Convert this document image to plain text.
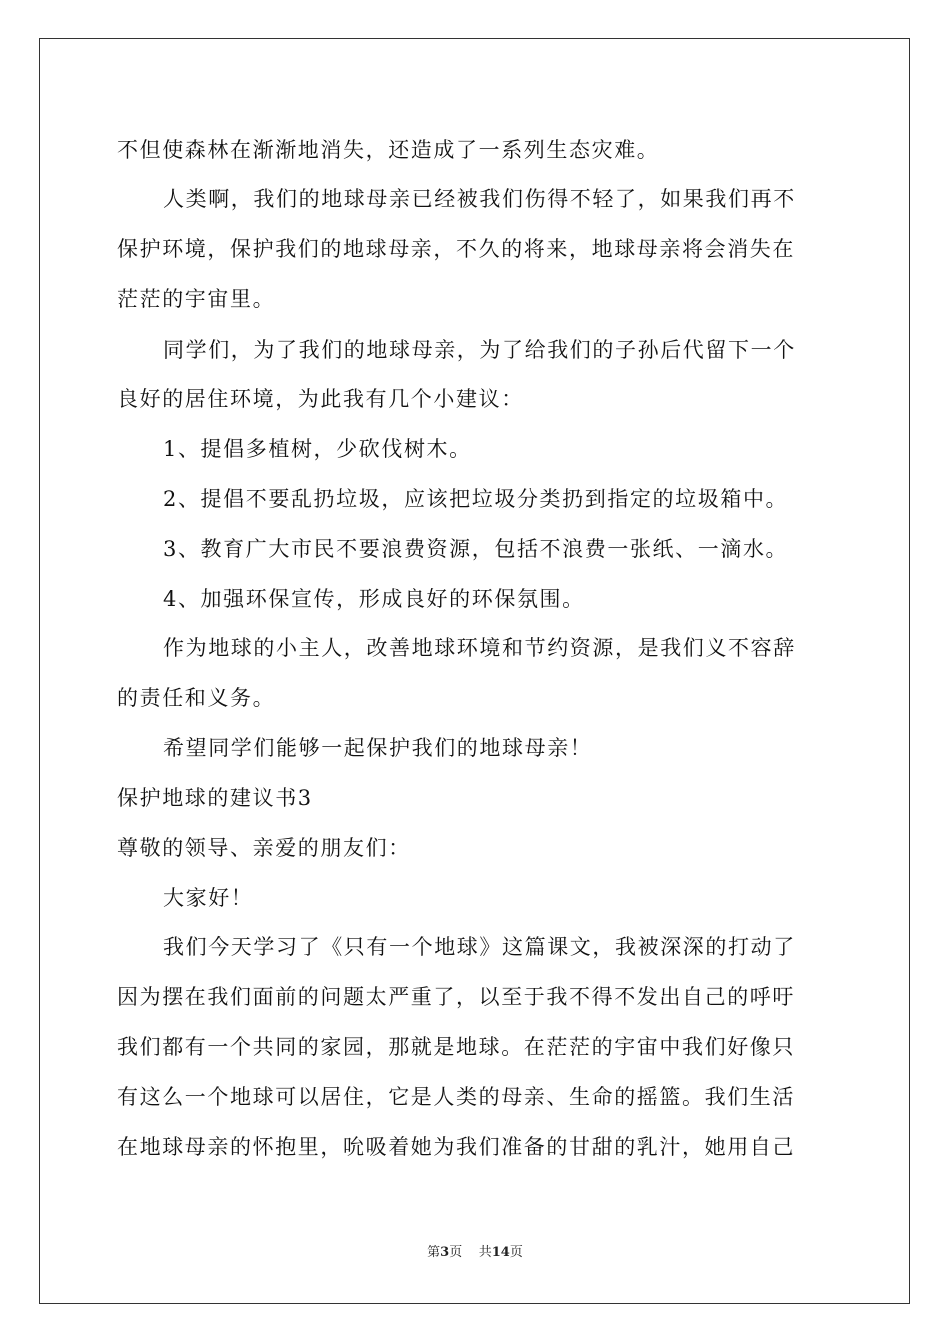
不但使森林在渐渐地消失，还造成了一系列生态灾难。
人类啊，我们的地球母亲已经被我们伤得不轻了，如果我们再不
保护环境，保护我们的地球母亲，不久的将来，地球母亲将会消失在
茫茫的宇宙里。
同学们，为了我们的地球母亲，为了给我们的子孙后代留下一个
良好的居住环境，为此我有几个小建议：
1、提倡多植树，少砍伐树木。
2、提倡不要乱扔垃圾，应该把垃圾分类扔到指定的垃圾箱中。
3、教育广大市民不要浪费资源，包括不浪费一张纸、一滴水。
4、加强环保宣传，形成良好的环保氛围。
作为地球的小主人，改善地球环境和节约资源，是我们义不容辞
的责任和义务。
希望同学们能够一起保护我们的地球母亲！
保护地球的建议书3
尊敬的领导、亲爱的朋友们：
大家好！
我们今天学习了《只有一个地球》这篇课文，我被深深的打动了
因为摆在我们面前的问题太严重了，以至于我不得不发出自己的呼吁
我们都有一个共同的家园，那就是地球。在茫茫的宇宙中我们好像只
有这么一个地球可以居住，它是人类的母亲、生命的摇篮。我们生活
在地球母亲的怀抱里，吮吸着她为我们准备的甘甜的乳汁，她用自己
第3页 共14页
